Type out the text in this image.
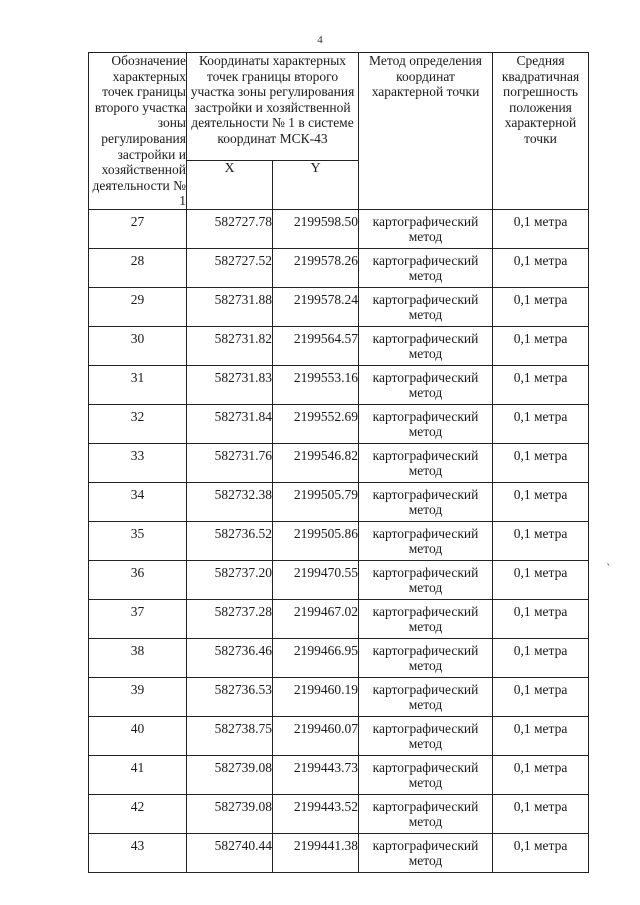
4
Обозначение характерных точек границы второго участка зоны регулирования застройки и хозяйственной деятельности № 1	Координаты характерных точек границы второго участка зоны регулирования застройки и хозяйственной деятельности № 1 в системе координат МСК-43		Метод определения координат характерной точки	Средняя квадратичная погрешность положения характерной точки
	X	Y		
27	582727.78	2199598.50	картографический метод	0,1 метра
28	582727.52	2199578.26	картографический метод	0,1 метра
29	582731.88	2199578.24	картографический метод	0,1 метра
30	582731.82	2199564.57	картографический метод	0,1 метра
31	582731.83	2199553.16	картографический метод	0,1 метра
32	582731.84	2199552.69	картографический метод	0,1 метра
33	582731.76	2199546.82	картографический метод	0,1 метра
34	582732.38	2199505.79	картографический метод	0,1 метра
35	582736.52	2199505.86	картографический метод	0,1 метра
36	582737.20	2199470.55	картографический метод	0,1 метра
37	582737.28	2199467.02	картографический метод	0,1 метра
38	582736.46	2199466.95	картографический метод	0,1 метра
39	582736.53	2199460.19	картографический метод	0,1 метра
40	582738.75	2199460.07	картографический метод	0,1 метра
41	582739.08	2199443.73	картографический метод	0,1 метра
42	582739.08	2199443.52	картографический метод	0,1 метра
43	582740.44	2199441.38	картографический метод	0,1 метра
ˎ
